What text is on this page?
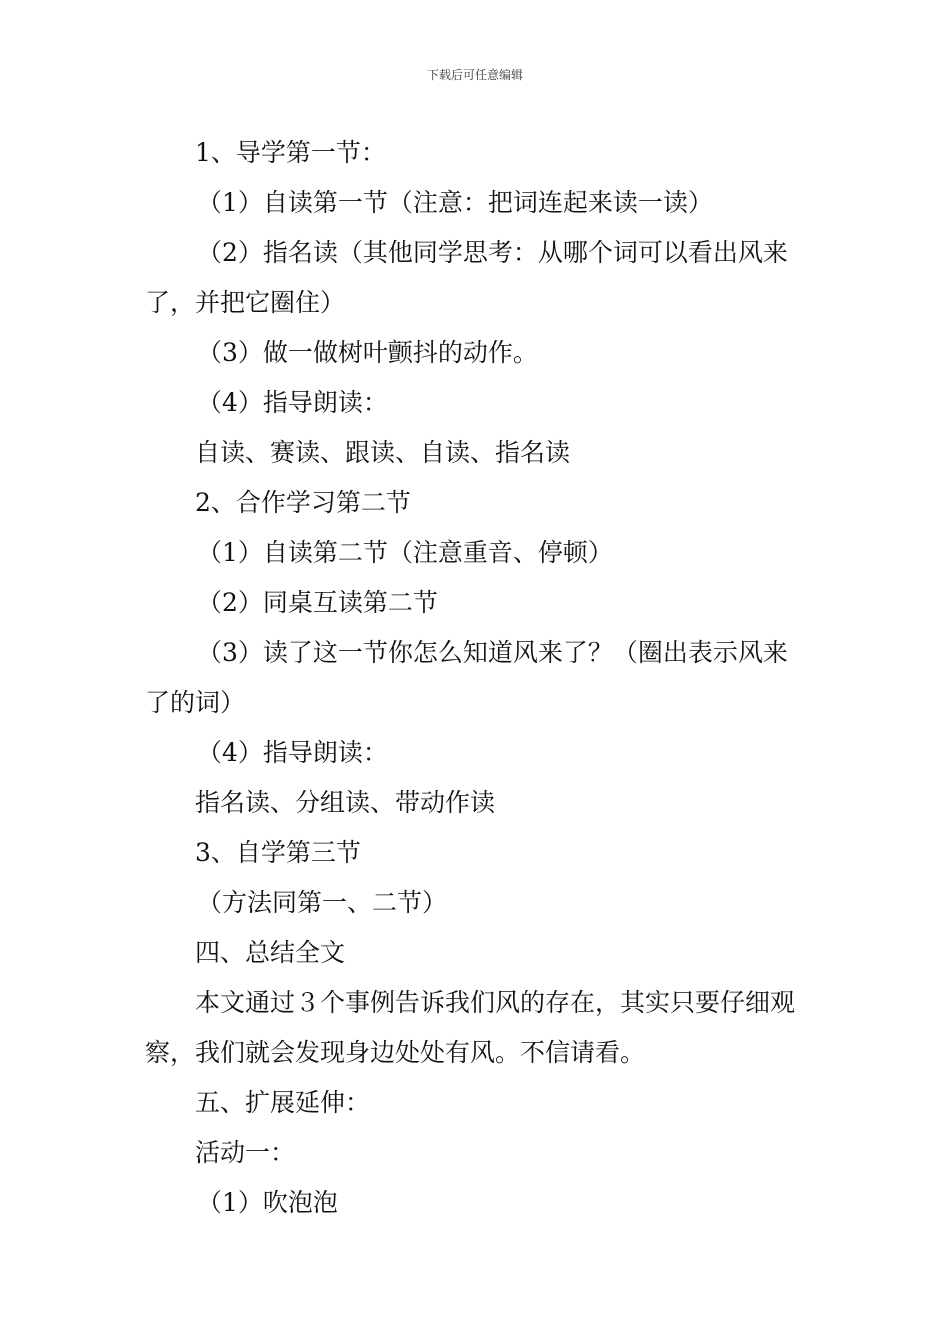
下载后可任意编辑
1、导学第一节：
（1）自读第一节（注意：把词连起来读一读）
（2）指名读（其他同学思考：从哪个词可以看出风来
了，并把它圈住）
（3）做一做树叶颤抖的动作。
（4）指导朗读：
自读、赛读、跟读、自读、指名读
2、合作学习第二节
（1）自读第二节（注意重音、停顿）
（2）同桌互读第二节
（3）读了这一节你怎么知道风来了？（圈出表示风来
了的词）
（4）指导朗读：
指名读、分组读、带动作读
3、自学第三节
（方法同第一、二节）
四、总结全文
本文通过３个事例告诉我们风的存在，其实只要仔细观
察，我们就会发现身边处处有风。不信请看。
五、扩展延伸：
活动一：
（1）吹泡泡
